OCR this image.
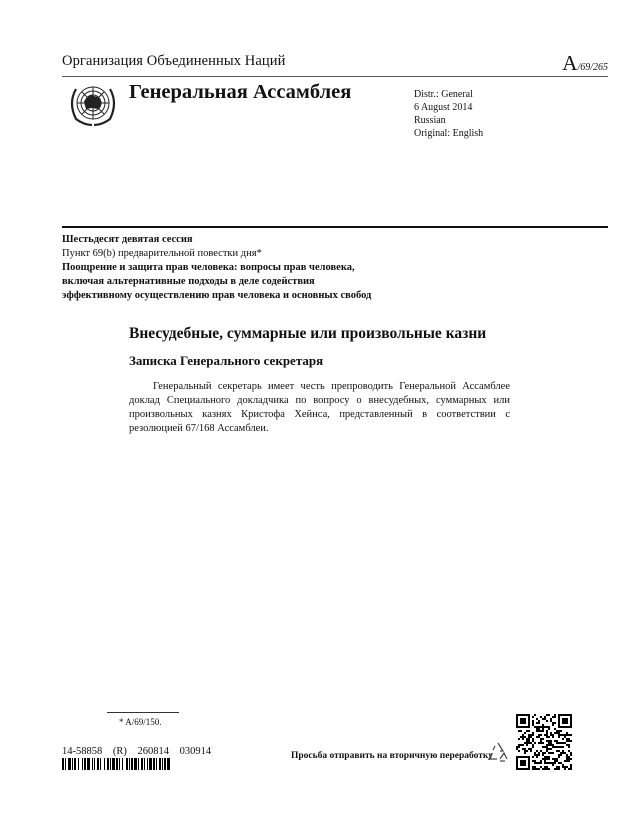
Организация Объединенных Наций	A/69/265
Генеральная Ассамблея	Distr.: General
6 August 2014
Russian
Original: English
Шестьдесят девятая сессия
Пункт 69(b) предварительной повестки дня*
Поощрение и защита прав человека: вопросы прав человека, включая альтернативные подходы в деле содействия эффективному осуществлению прав человека и основных свобод
Внесудебные, суммарные или произвольные казни
Записка Генерального секретаря
Генеральный секретарь имеет честь препроводить Генеральной Ассамблее доклад Специального докладчика по вопросу о внесудебных, суммарных или произвольных казнях Кристофа Хейнса, представленный в соответствии с резолюцией 67/168 Ассамблеи.
* A/69/150.
14-58858 (R) 260814 030914	Просьба отправить на вторичную переработку
